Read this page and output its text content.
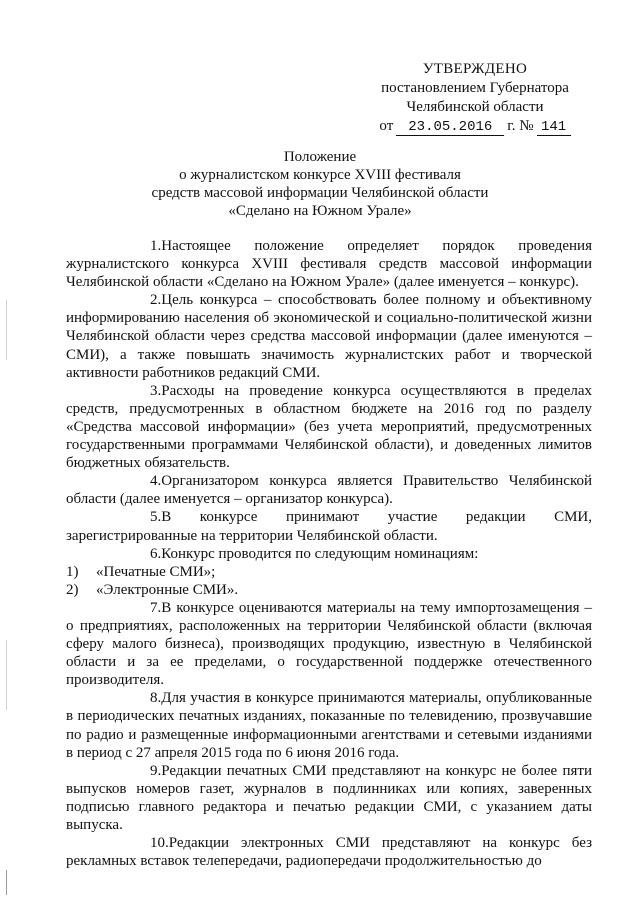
УТВЕРЖДЕНО
постановлением Губернатора
Челябинской области
от	23.05.2016	г. № 141
Положение
о журналистском конкурсе XVIII фестиваля
средств массовой информации Челябинской области
«Сделано на Южном Урале»

1.Настоящее положение определяет порядок проведения журналистского конкурса XVIII фестиваля средств массовой информации Челябинской области «Сделано на Южном Урале» (далее именуется – конкурс).

2.Цель конкурса – способствовать более полному и объективному информированию населения об экономической и социально-политической жизни Челябинской области через средства массовой информации (далее именуются – СМИ), а также повышать значимость журналистских работ и творческой активности работников редакций СМИ.

3.Расходы на проведение конкурса осуществляются в пределах средств, предусмотренных в областном бюджете на 2016 год по разделу «Средства массовой информации» (без учета мероприятий, предусмотренных государственными программами Челябинской области), и доведенных лимитов бюджетных обязательств.

4.Организатором конкурса является Правительство Челябинской области (далее именуется – организатор конкурса).

5.В конкурсе принимают участие редакции СМИ, зарегистрированные на территории Челябинской области.

6.Конкурс проводится по следующим номинациям:

1)	«Печатные СМИ»;

2)	«Электронные СМИ».

7.В конкурсе оцениваются материалы на тему импортозамещения – о предприятиях, расположенных на территории Челябинской области (включая сферу малого бизнеса), производящих продукцию, известную в Челябинской области и за ее пределами, о государственной поддержке отечественного производителя.

8.Для участия в конкурсе принимаются материалы, опубликованные в периодических печатных изданиях, показанные по телевидению, прозвучавшие по радио и размещенные информационными агентствами и сетевыми изданиями в период с 27 апреля 2015 года по 6 июня 2016 года.

9.Редакции печатных СМИ представляют на конкурс не более пяти выпусков номеров газет, журналов в подлинниках или копиях, заверенных подписью главного редактора и печатью редакции СМИ, с указанием даты выпуска.

10.Редакции электронных СМИ представляют на конкурс без рекламных вставок телепередачи, радиопередачи продолжительностью до
